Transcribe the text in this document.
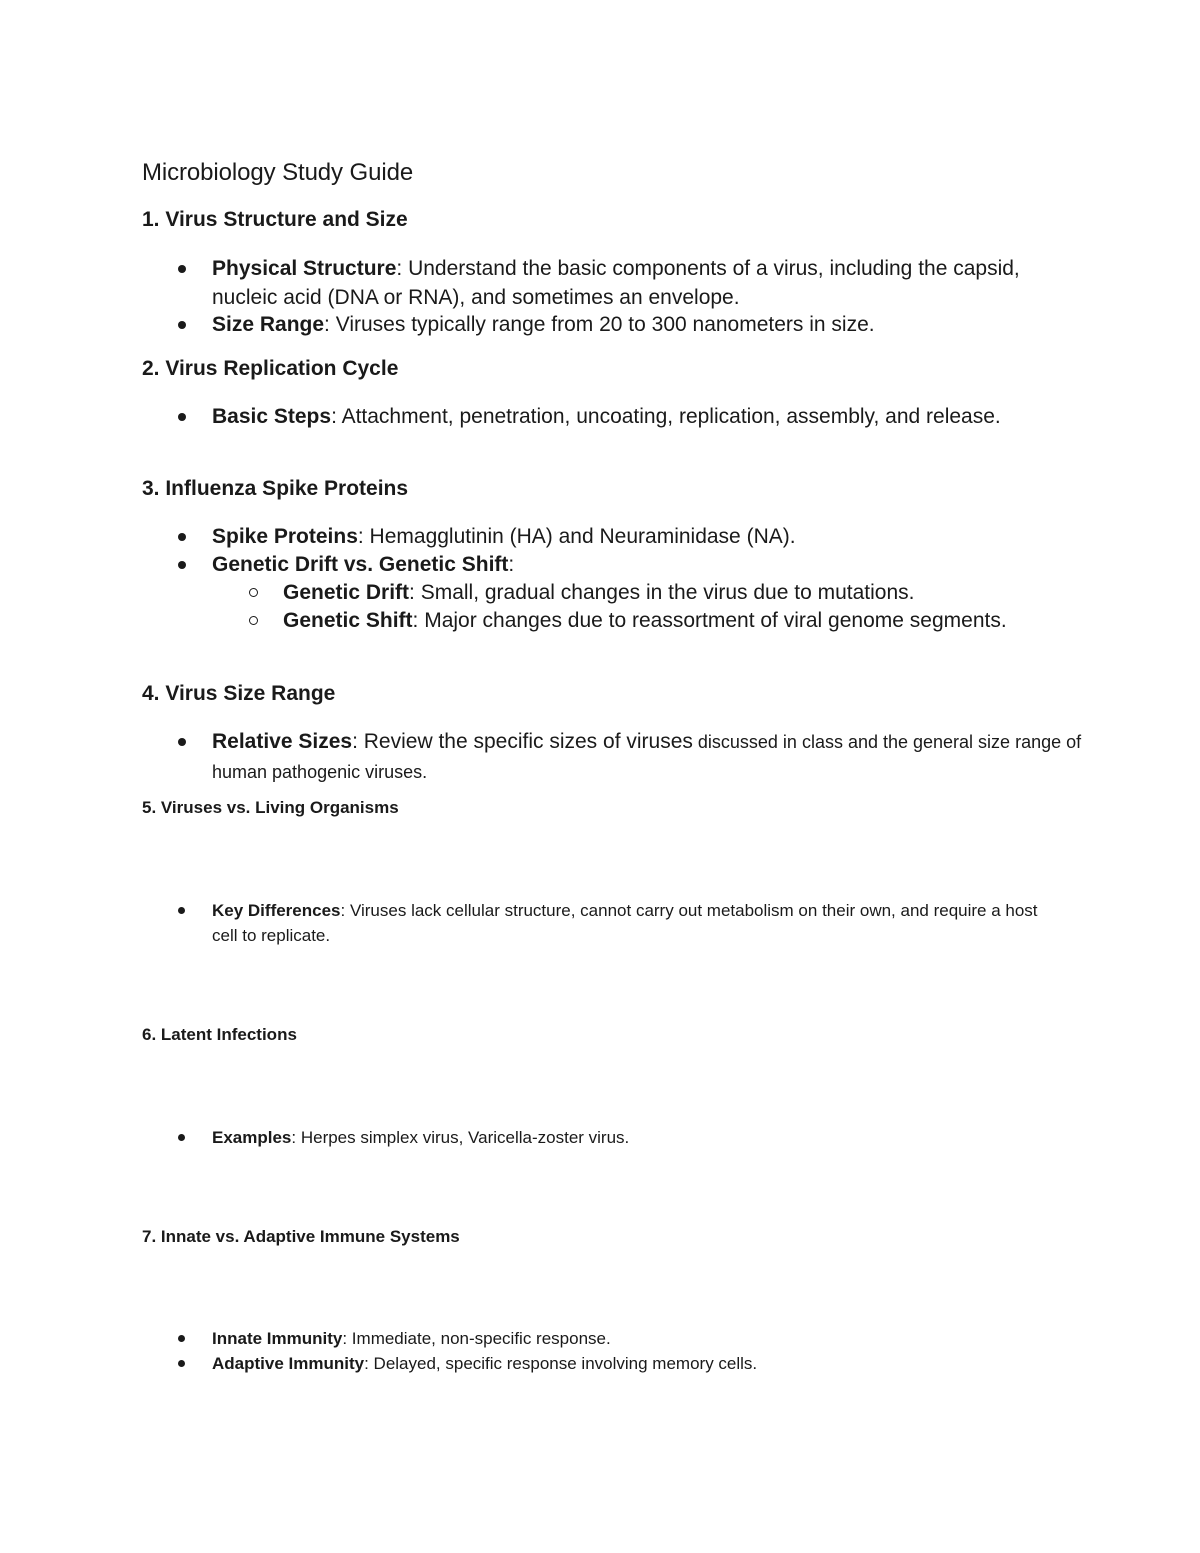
Microbiology Study Guide
1. Virus Structure and Size

Physical Structure: Understand the basic components of a virus, including the capsid, nucleic acid (DNA or RNA), and sometimes an envelope.

Size Range: Viruses typically range from 20 to 300 nanometers in size.

2. Virus Replication Cycle

Basic Steps: Attachment, penetration, uncoating, replication, assembly, and release.

3. Influenza Spike Proteins

Spike Proteins: Hemagglutinin (HA) and Neuraminidase (NA).

Genetic Drift vs. Genetic Shift:

Genetic Drift: Small, gradual changes in the virus due to mutations.

Genetic Shift: Major changes due to reassortment of viral genome segments.

4. Virus Size Range

Relative Sizes: Review the specific sizes of viruses discussed in class and the general size range of human pathogenic viruses.

5. Viruses vs. Living Organisms

Key Differences: Viruses lack cellular structure, cannot carry out metabolism on their own, and require a host cell to replicate.

6. Latent Infections

Examples: Herpes simplex virus, Varicella-zoster virus.

7. Innate vs. Adaptive Immune Systems

Innate Immunity: Immediate, non-specific response.

Adaptive Immunity: Delayed, specific response involving memory cells.
